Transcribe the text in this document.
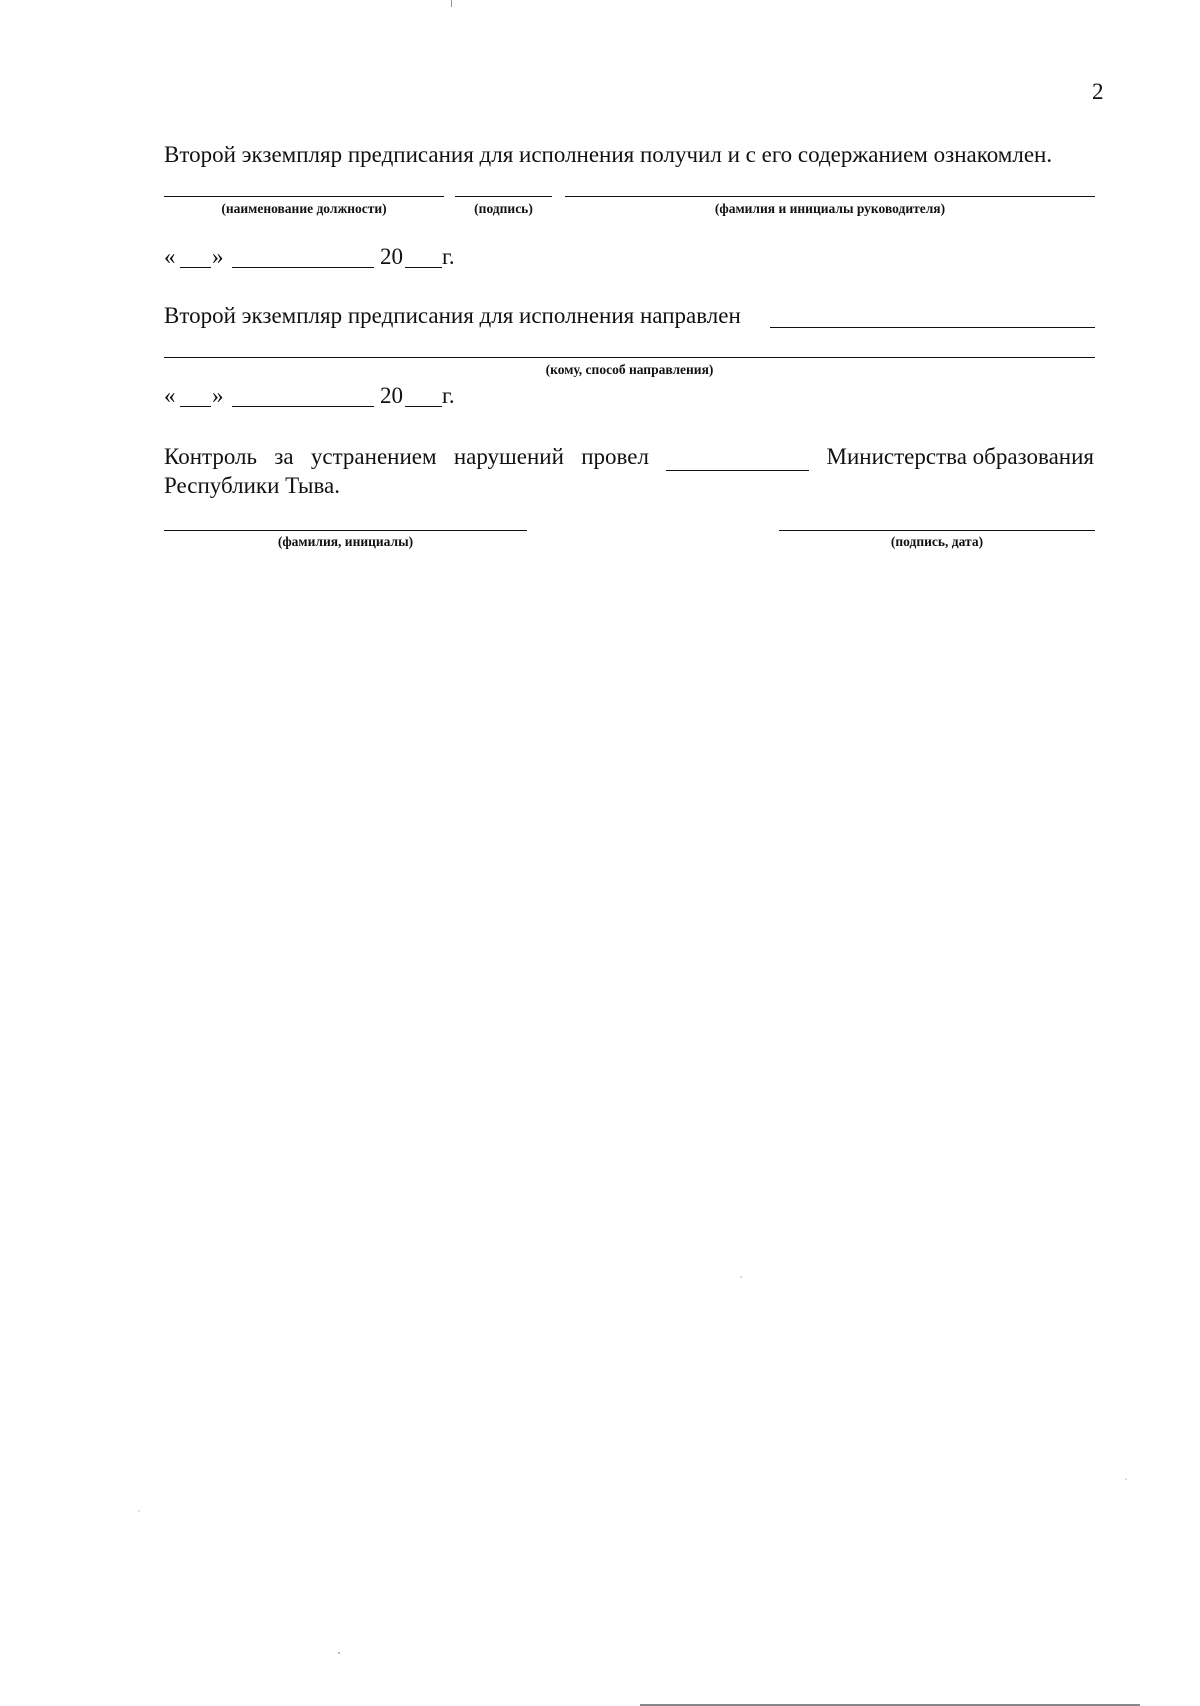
2
Второй экземпляр предписания для исполнения получил и с его содержанием ознакомлен.
(наименование должности)	(подпись)	(фамилия и инициалы руководителя)
« »	20 г.
Второй экземпляр предписания для исполнения направлен
(кому, способ направления)
« »	20 г.
Контроль за устранением нарушений провел	Министерства образования
Республики Тыва.
(фамилия, инициалы)	(подпись, дата)
